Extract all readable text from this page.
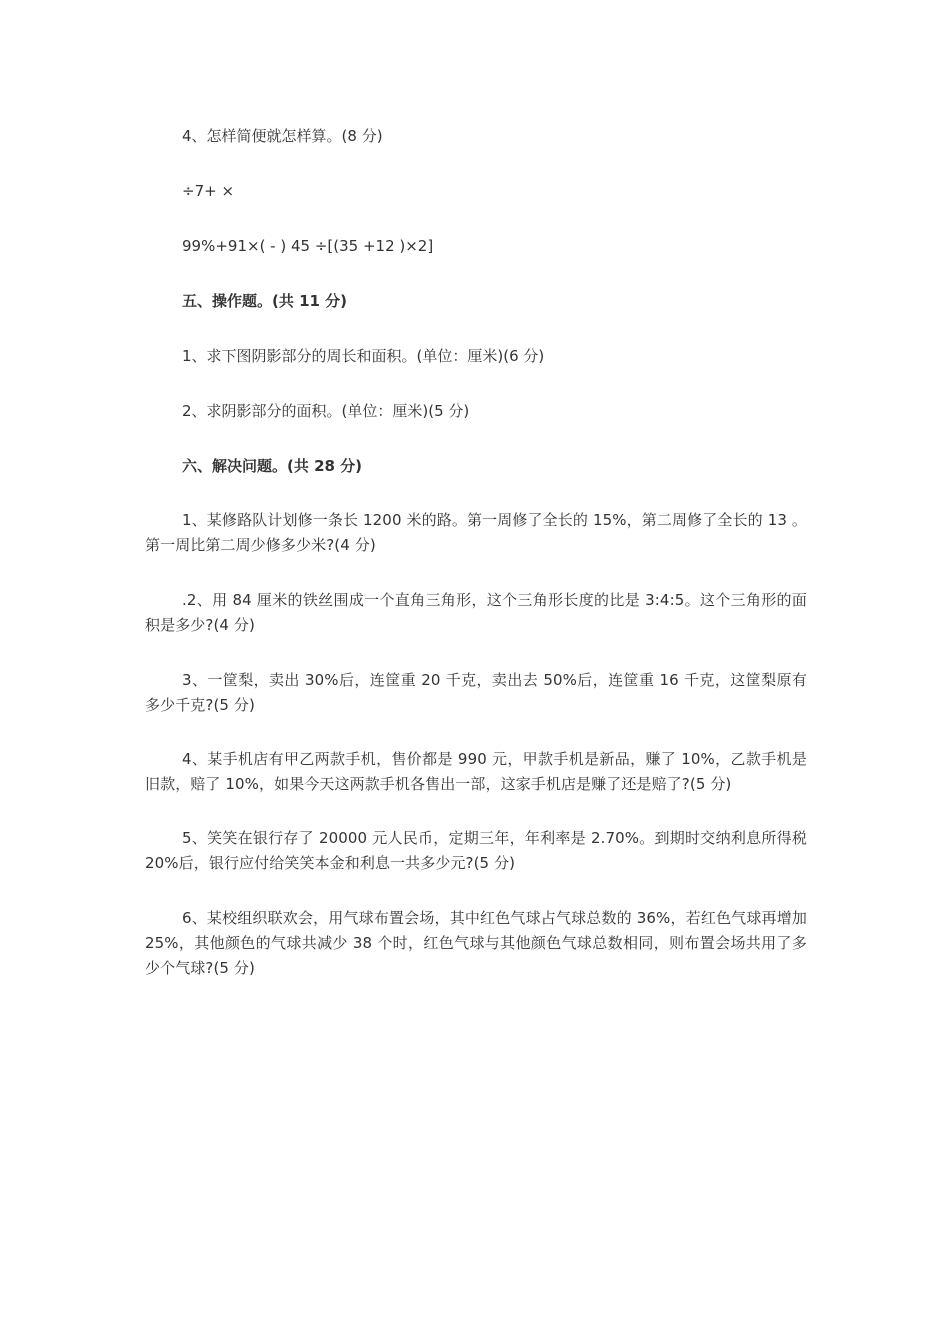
4、怎样简便就怎样算。(8 分)
÷7+ ×
99%+91×( - ) 45 ÷[(35 +12 )×2]
五、操作题。(共 11 分)
1、求下图阴影部分的周长和面积。(单位：厘米)(6 分)
2、求阴影部分的面积。(单位：厘米)(5 分)
六、解决问题。(共 28 分)
1、某修路队计划修一条长 1200 米的路。第一周修了全长的 15%，第二周修了全长的 13 。第一周比第二周少修多少米?(4 分)
.2、用 84 厘米的铁丝围成一个直角三角形，这个三角形长度的比是 3:4:5。这个三角形的面积是多少?(4 分)
3、一筐梨，卖出 30%后，连筐重 20 千克，卖出去 50%后，连筐重 16 千克，这筐梨原有多少千克?(5 分)
4、某手机店有甲乙两款手机，售价都是 990 元，甲款手机是新品，赚了 10%，乙款手机是旧款，赔了 10%，如果今天这两款手机各售出一部，这家手机店是赚了还是赔了?(5 分)
5、笑笑在银行存了 20000 元人民币，定期三年，年利率是 2.70%。到期时交纳利息所得税 20%后，银行应付给笑笑本金和利息一共多少元?(5 分)
6、某校组织联欢会，用气球布置会场，其中红色气球占气球总数的 36%，若红色气球再增加 25%，其他颜色的气球共减少 38 个时，红色气球与其他颜色气球总数相同，则布置会场共用了多少个气球?(5 分)
